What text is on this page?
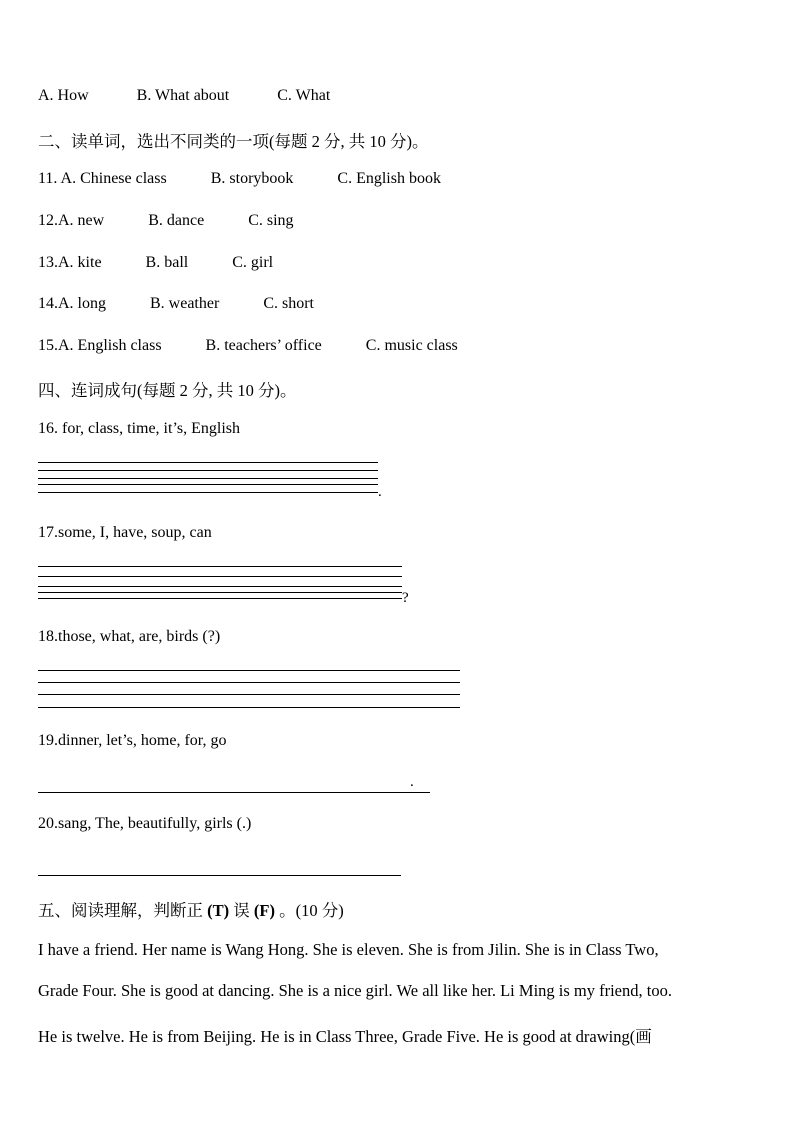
A. How	B. What about	C. What
二、读单词，选出不同类的一项(每题 2 分, 共 10 分)。
11. A. Chinese class	B. storybook	C. English book
12.A. new	B. dance	C. sing
13.A. kite	B. ball	C. girl
14.A. long	B. weather	C. short
15.A. English class	B. teachers’ office	C. music class
四、连词成句(每题 2 分, 共 10 分)。
16. for, class, time, it’s, English
.
17.some, I, have, soup, can
?
18.those, what, are, birds (?)
19.dinner, let’s, home, for, go
.
20.sang, The, beautifully, girls (.)
五、阅读理解，判断正 (T) 误 (F) 。(10 分)
I have a friend. Her name is Wang Hong. She is eleven. She is from Jilin. She is in Class Two,
Grade Four. She is good at dancing. She is a nice girl. We all like her. Li Ming is my friend, too.
He is twelve. He is from Beijing. He is in Class Three, Grade Five. He is good at drawing(画
